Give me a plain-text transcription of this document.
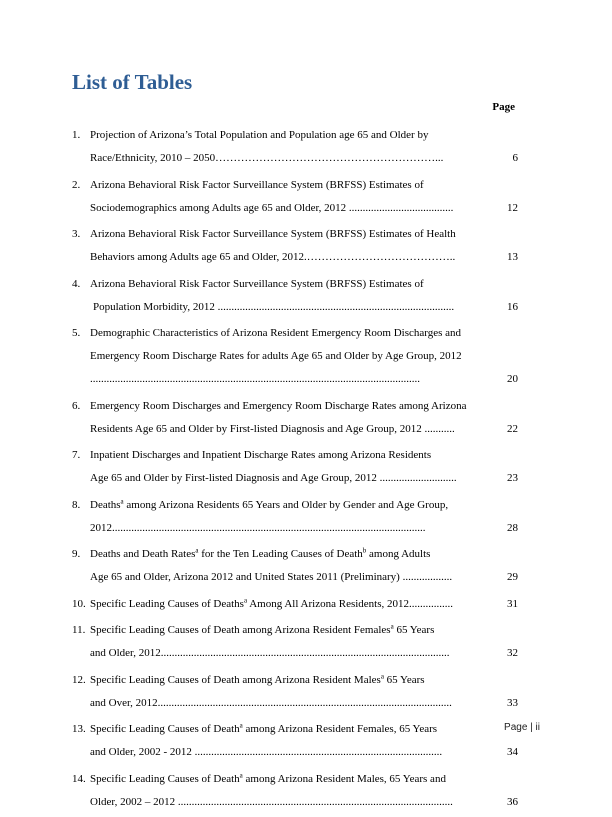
List of Tables
Page
1. Projection of Arizona’s Total Population and Population age 65 and Older by
Race/Ethnicity, 2010 – 2050……………………………………………………...	6
2. Arizona Behavioral Risk Factor Surveillance System (BRFSS) Estimates of
Sociodemographics among Adults age 65 and Older, 2012 ......................................	12
3. Arizona Behavioral Risk Factor Surveillance System (BRFSS) Estimates of Health
Behaviors among Adults age 65 and Older, 2012.…………………………………..	13
4. Arizona Behavioral Risk Factor Surveillance System (BRFSS) Estimates of
Population Morbidity, 2012 ......................................................................................	16
5. Demographic Characteristics of Arizona Resident Emergency Room Discharges and
Emergency Room Discharge Rates for adults Age 65 and Older by Age Group, 2012
........................................................................................................................	20
6. Emergency Room Discharges and Emergency Room Discharge Rates among Arizona
Residents Age 65 and Older by First-listed Diagnosis and Age Group, 2012 ...........	22
7. Inpatient Discharges and Inpatient Discharge Rates among Arizona Residents
Age 65 and Older by First-listed Diagnosis and Age Group, 2012 ............................	23
8. Deaths$^a$ among Arizona Residents 65 Years and Older by Gender and Age Group,
2012..................................................................................................................	28
9. Deaths and Death Rates$^a$ for the Ten Leading Causes of Death$^b$ among Adults
Age 65 and Older, Arizona 2012 and United States 2011 (Preliminary) ..................	29
10. Specific Leading Causes of Deaths$^a$ Among All Arizona Residents, 2012................	31
11. Specific Leading Causes of Death among Arizona Resident Females$^a$ 65 Years
and Older, 2012.........................................................................................................	32
12. Specific Leading Causes of Death among Arizona Resident Males$^a$ 65 Years
and Over, 2012...........................................................................................................	33
13. Specific Leading Causes of Death$^a$ among Arizona Resident Females, 65 Years
and Older, 2002 - 2012 ..........................................................................................	34
14. Specific Leading Causes of Death$^a$ among Arizona Resident Males, 65 Years and
Older, 2002 – 2012 ....................................................................................................	36
Page | ii
